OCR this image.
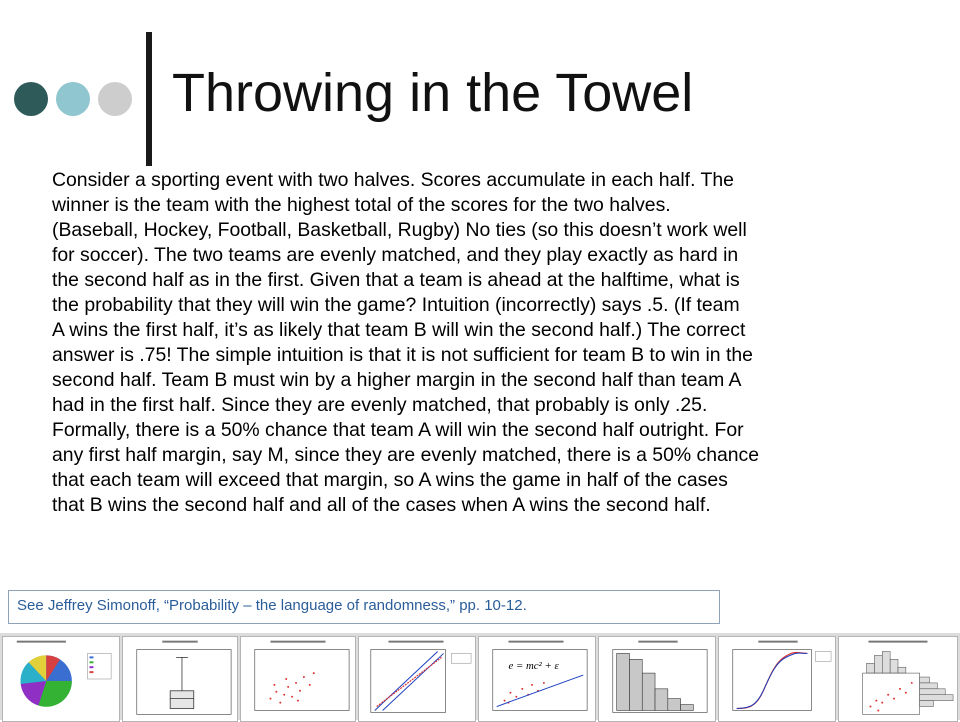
Throwing in the Towel
Consider a sporting event with two halves. Scores accumulate in each half. The
winner is the team with the highest total of the scores for the two halves.
(Baseball, Hockey, Football, Basketball, Rugby) No ties (so this doesn’t work well
for soccer). The two teams are evenly matched, and they play exactly as hard in
the second half as in the first. Given that a team is ahead at the halftime, what is
the probability that they will win the game? Intuition (incorrectly) says .5. (If team
A wins the first half, it’s as likely that team B will win the second half.) The correct
answer is .75! The simple intuition is that it is not sufficient for team B to win in the
second half. Team B must win by a higher margin in the second half than team A
had in the first half. Since they are evenly matched, that probably is only .25.
Formally, there is a 50% chance that team A will win the second half outright. For
any first half margin, say M, since they are evenly matched, there is a 50% chance
that each team will exceed that margin, so A wins the game in half of the cases
that B wins the second half and all of the cases when A wins the second half.
See Jeffrey Simonoff, “Probability – the language of randomness,” pp. 10-12.
e = mc² + ε
